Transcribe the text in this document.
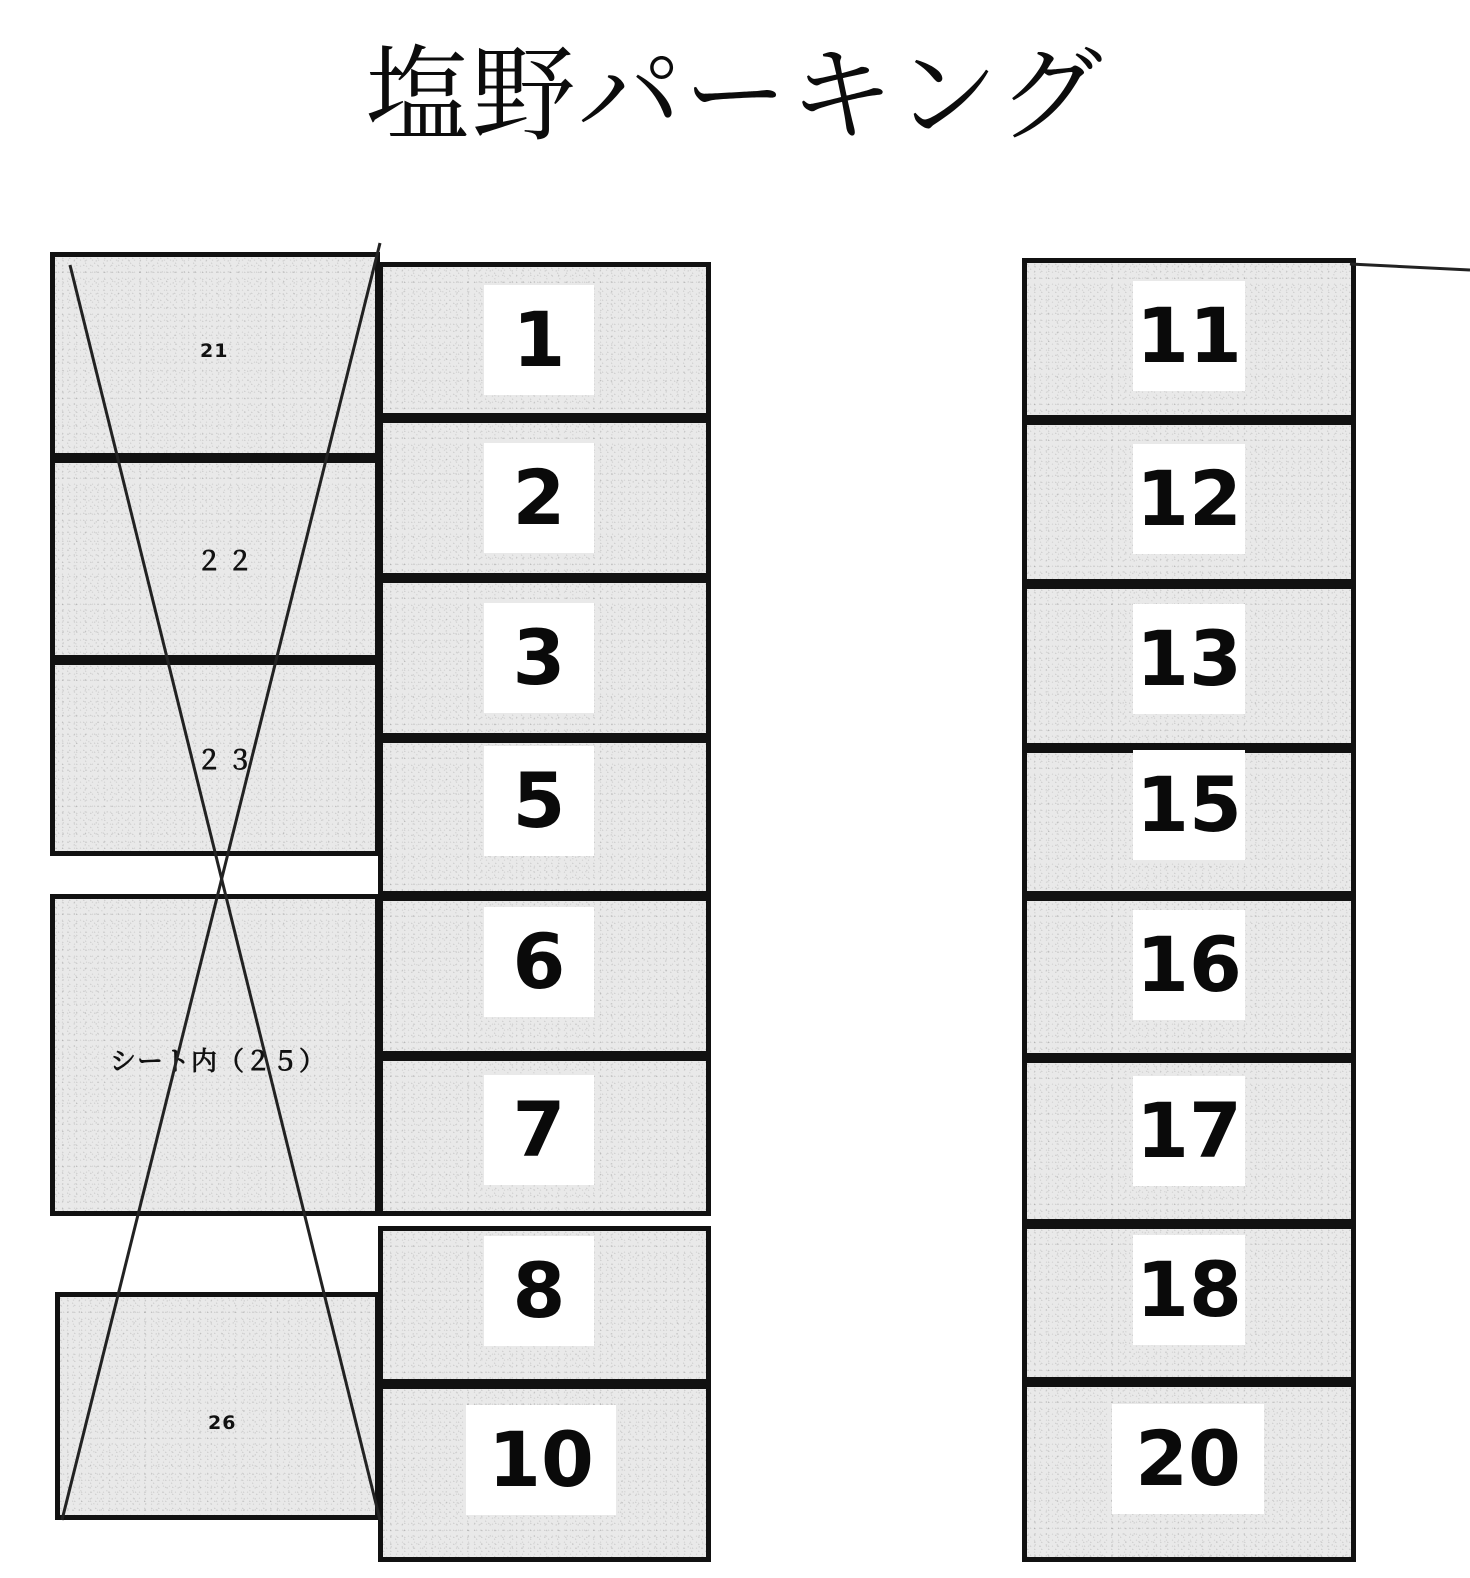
塩野パーキング
21
２２
２３
シート内（２５）
26
1
2
3
5
6
7
8
10
11
12
13
15
16
17
18
20
